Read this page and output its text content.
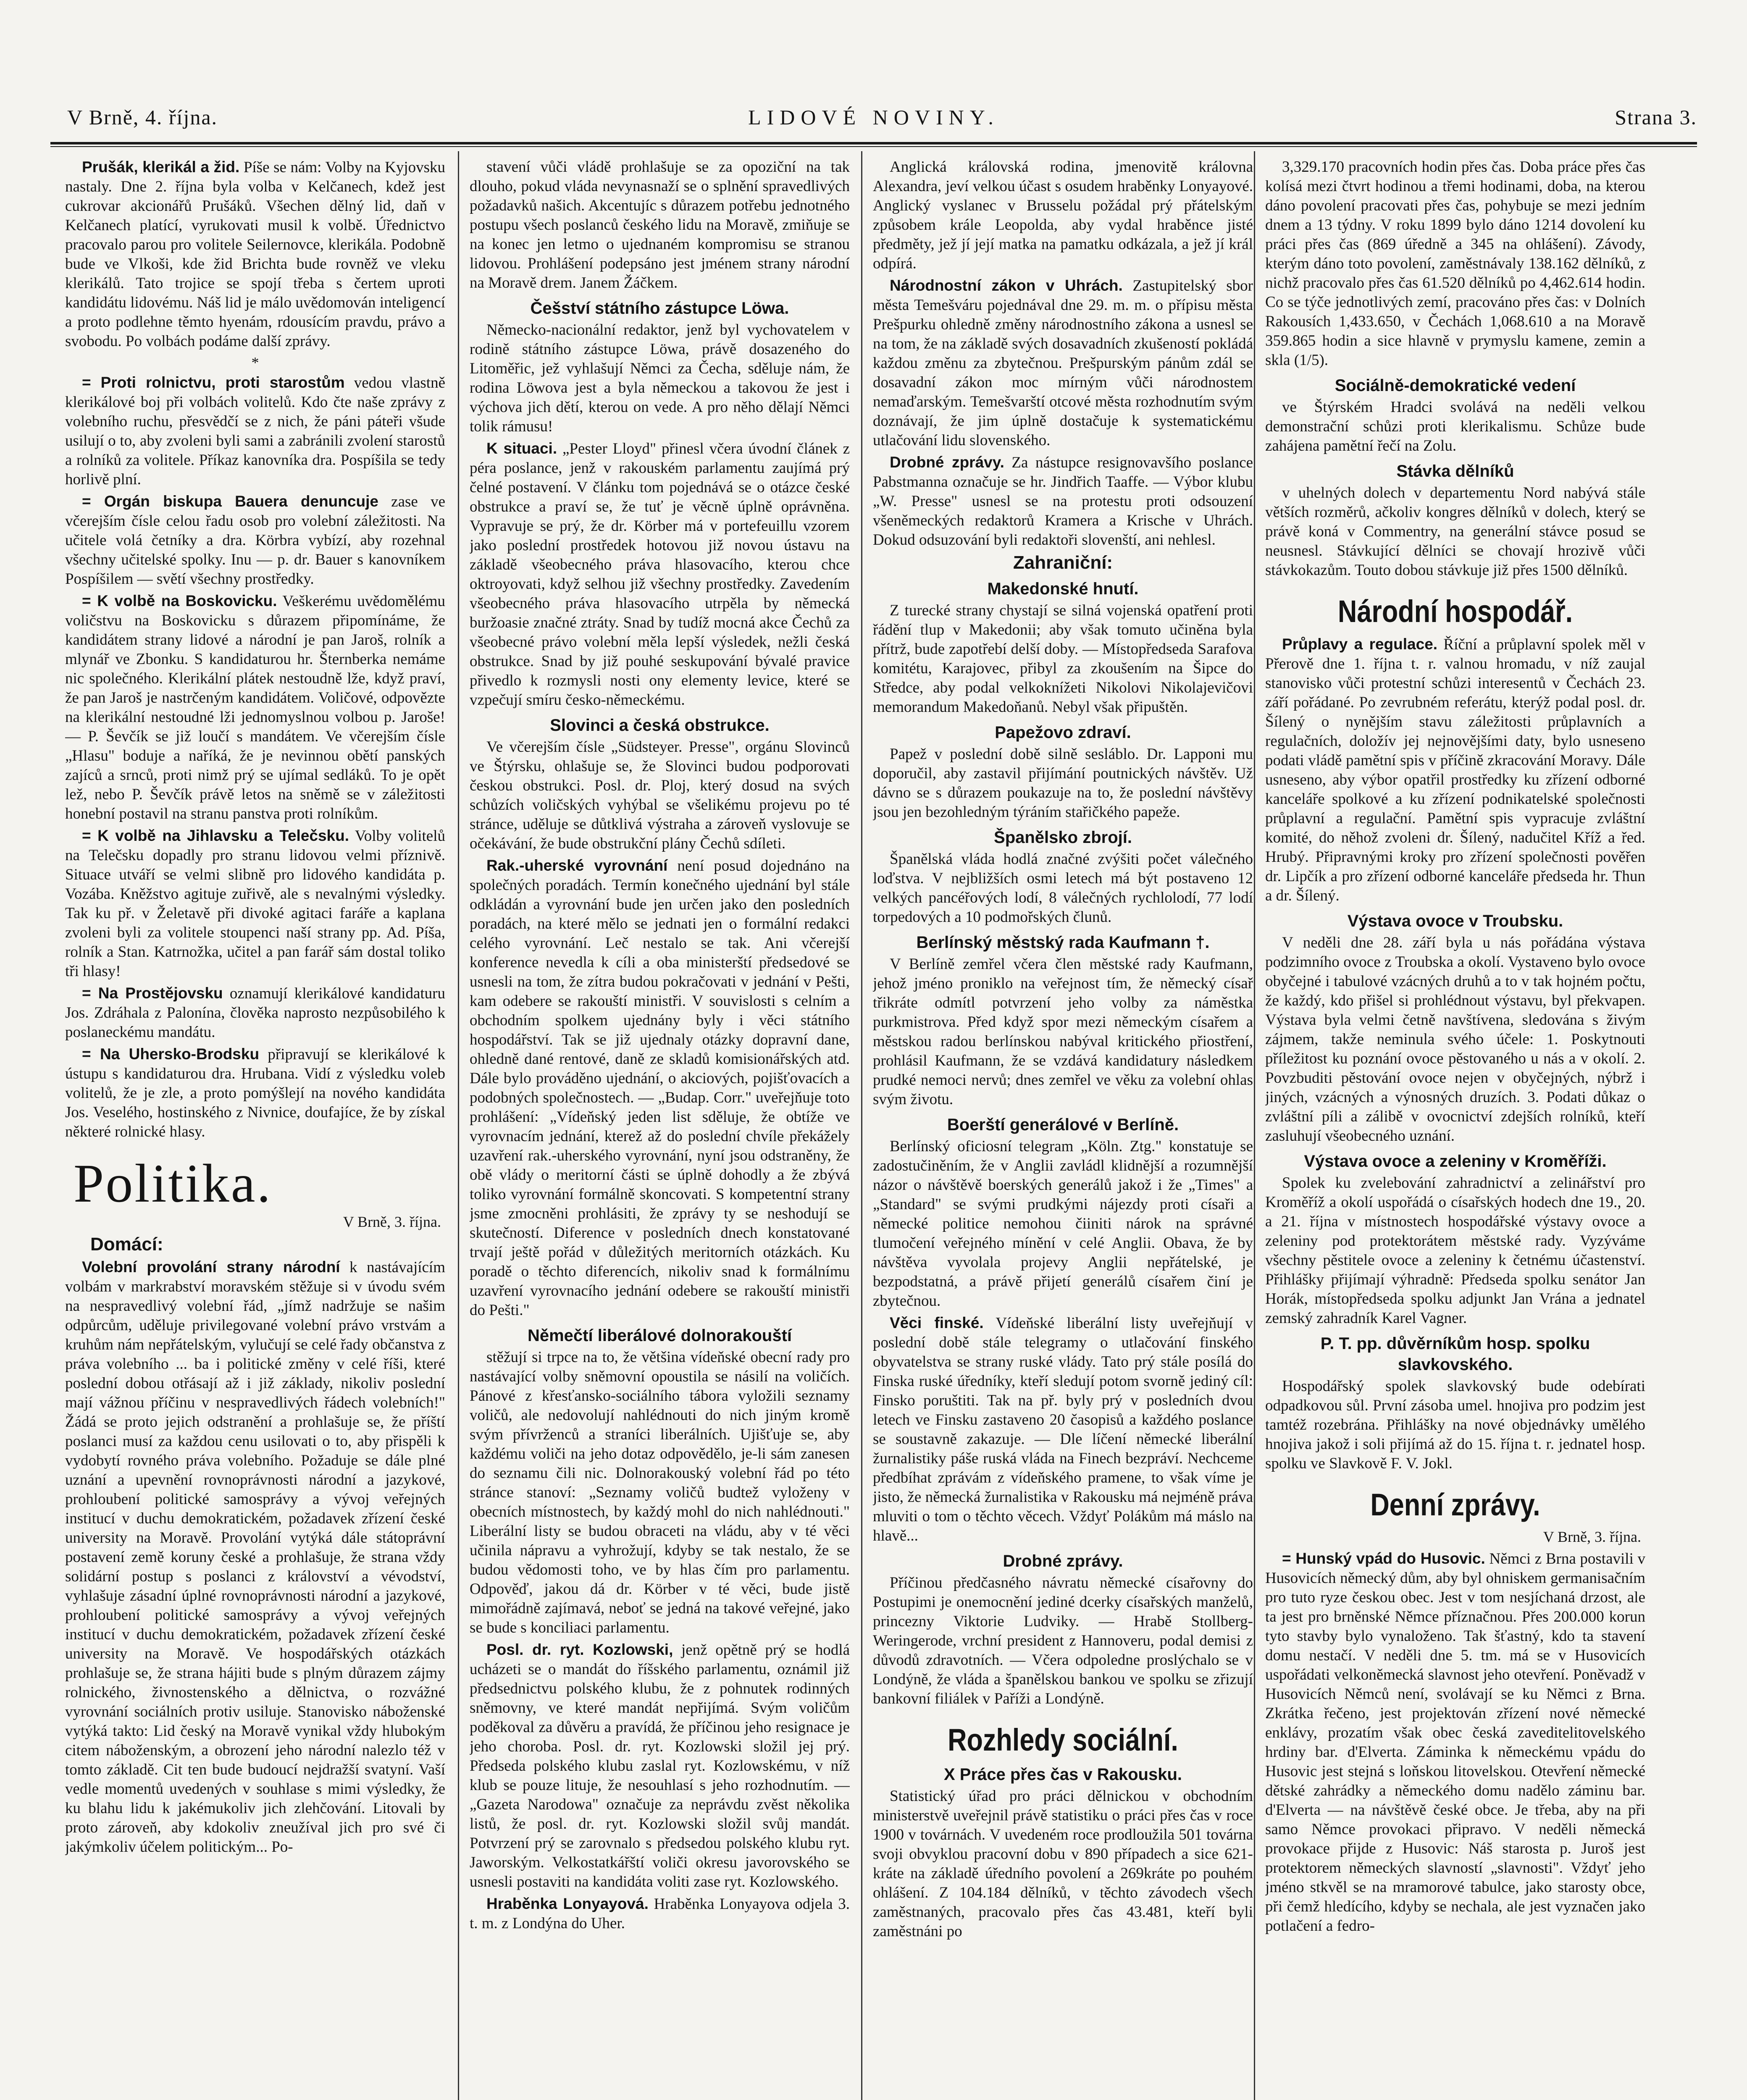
V Brně, 4. října.	LIDOVÉ NOVINY.	Strana 3.

Prušák, klerikál a žid. Píše se nám: Volby na Kyjovsku nastaly. Dne 2. října byla volba v Kelčanech, kdež jest cukrovar akcionářů Prušáků. Všechen dělný lid, daň v Kelčanech platící, vyrukovati musil k volbě. Úřednictvo pracovalo parou pro volitele Seilernovce, klerikála. Podobně bude ve Vlkoši, kde žid Brichta bude rovněž ve vleku klerikálů. Tato trojice se spojí třeba s čertem uproti kandidátu lidovému. Náš lid je málo uvědomován inteligencí a proto podlehne těmto hyenám, rdousícím pravdu, právo a svobodu. Po volbách podáme další zprávy.

*

= Proti rolnictvu, proti starostům vedou vlastně klerikálové boj při volbách volitelů. Kdo čte naše zprávy z volebního ruchu, přesvědčí se z nich, že páni páteři všude usilují o to, aby zvoleni byli sami a zabránili zvolení starostů a rolníků za volitele. Příkaz kanovníka dra. Pospíšila se tedy horlivě plní.

= Orgán biskupa Bauera denuncuje zase ve včerejším čísle celou řadu osob pro volební záležitosti. Na učitele volá četníky a dra. Körbra vybízí, aby rozehnal všechny učitelské spolky. Inu — p. dr. Bauer s kanovníkem Pospíšilem — světí všechny prostředky.

= K volbě na Boskovicku. Veškerému uvědomělému voličstvu na Boskovicku s důrazem připomínáme, že kandidátem strany lidové a národní je pan Jaroš, rolník a mlynář ve Zbonku. S kandidaturou hr. Šternberka nemáme nic společného. Klerikální plátek nestoudně lže, když praví, že pan Jaroš je nastrčeným kandidátem. Voličové, odpovězte na klerikální nestoudné lži jednomyslnou volbou p. Jaroše! — P. Ševčík se již loučí s mandátem. Ve včerejším čísle „Hlasu" boduje a naříká, že je nevinnou obětí panských zajíců a srnců, proti nimž prý se ujímal sedláků. To je opět lež, nebo P. Ševčík právě letos na sněmě se v záležitosti honební postavil na stranu panstva proti rolníkům.

= K volbě na Jihlavsku a Telečsku. Volby volitelů na Telečsku dopadly pro stranu lidovou velmi příznivě. Situace utváří se velmi slibně pro lidového kandidáta p. Vozába. Kněžstvo agituje zuřivě, ale s nevalnými výsledky. Tak ku př. v Želetavě při divoké agitaci faráře a kaplana zvoleni byli za volitele stoupenci naší strany pp. Ad. Píša, rolník a Stan. Katrnožka, učitel a pan farář sám dostal toliko tři hlasy!

= Na Prostějovsku oznamují klerikálové kandidaturu Jos. Zdráhala z Palonína, člověka naprosto nezpůsobilého k poslaneckému mandátu.

= Na Uhersko-Brodsku připravují se klerikálové k ústupu s kandidaturou dra. Hrubana. Vidí z výsledku voleb volitelů, že je zle, a proto pomýšlejí na nového kandidáta Jos. Veselého, hostinského z Nivnice, doufajíce, že by získal některé rolnické hlasy.

Politika.
V Brně, 3. října.
Domácí:

Volební provolání strany národní k nastávajícím volbám v markrabství moravském stěžuje si v úvodu svém na nespravedlivý volební řád, „jímž nadržuje se našim odpůrcům, uděluje privilegované volební právo vrstvám a kruhům nám nepřátelským, vylučují se celé řady občanstva z práva volebního ... ba i politické změny v celé říši, které poslední dobou otřásají až i již základy, nikoliv poslední mají vážnou příčinu v nespravedlivých řádech volebních!" Žádá se proto jejich odstranění a prohlašuje se, že příští poslanci musí za každou cenu usilovati o to, aby přispěli k vydobytí rovného práva volebního. Požaduje se dále plné uznání a upevnění rovnoprávnosti národní a jazykové, prohloubení politické samosprávy a vývoj veřejných institucí v duchu demokratickém, požadavek zřízení české university na Moravě. Provolání vytýká dále státoprávní postavení země koruny české a prohlašuje, že strana vždy solidární postup s poslanci z království a vévodství, vyhlašuje zásadní úplné rovnoprávnosti národní a jazykové, prohloubení politické samosprávy a vývoj veřejných institucí v duchu demokratickém, požadavek zřízení české university na Moravě. Ve hospodářských otázkách prohlašuje se, že strana hájiti bude s plným důrazem zájmy rolnického, živnostenského a dělnictva, o rozvážné vyrovnání sociálních protiv usiluje. Stanovisko náboženské vytýká takto: Lid český na Moravě vynikal vždy hlubokým citem náboženským, a obrození jeho národní nalezlo též v tomto základě. Cit ten bude budoucí nejdražší svatyní. Vaší vedle momentů uvedených v souhlase s mimi výsledky, že ku blahu lidu k jakémukoliv jich zlehčování. Litovali by proto zároveň, aby kdokoliv zneužíval jich pro své či jakýmkoliv účelem politickým... Po-

stavení vůči vládě prohlašuje se za opoziční na tak dlouho, pokud vláda nevynasnaží se o splnění spravedlivých požadavků našich. Akcentujíc s důrazem potřebu jednotného postupu všech poslanců českého lidu na Moravě, zmiňuje se na konec jen letmo o ujednaném kompromisu se stranou lidovou. Prohlášení podepsáno jest jménem strany národní na Moravě drem. Janem Žáčkem.

Češství státního zástupce Löwa.

Německo-nacionální redaktor, jenž byl vychovatelem v rodině státního zástupce Löwa, právě dosazeného do Litoměřic, jež vyhlašují Němci za Čecha, sděluje nám, že rodina Löwova jest a byla německou a takovou že jest i výchova jich dětí, kterou on vede. A pro něho dělají Němci tolik rámusu!

K situaci. „Pester Lloyd" přinesl včera úvodní článek z péra poslance, jenž v rakouském parlamentu zaujímá prý čelné postavení. V článku tom pojednává se o otázce české obstrukce a praví se, že tuť je věcně úplně oprávněna. Vypravuje se prý, že dr. Körber má v portefeuillu vzorem jako poslední prostředek hotovou již novou ústavu na základě všeobecného práva hlasovacího, kterou chce oktroyovati, když selhou již všechny prostředky. Zavedením všeobecného práva hlasovacího utrpěla by německá buržoasie značné ztráty. Snad by tudíž mocná akce Čechů za všeobecné právo volební měla lepší výsledek, nežli česká obstrukce. Snad by již pouhé seskupování bývalé pravice přivedlo k rozmysli nosti ony elementy levice, které se vzpečují smíru česko-německému.

Slovinci a česká obstrukce.

Ve včerejším čísle „Südsteyer. Presse", orgánu Slovinců ve Štýrsku, ohlašuje se, že Slovinci budou podporovati českou obstrukci. Posl. dr. Ploj, který dosud na svých schůzích voličských vyhýbal se všelikému projevu po té stránce, uděluje se důtklivá výstraha a zároveň vyslovuje se očekávání, že bude obstrukční plány Čechů sdíleti.

Rak.-uherské vyrovnání není posud dojednáno na společných poradách. Termín konečného ujednání byl stále odkládán a vyrovnání bude jen určen jako den posledních poradách, na které mělo se jednati jen o formální redakci celého vyrovnání. Leč nestalo se tak. Ani včerejší konference nevedla k cíli a oba ministerští předsedové se usnesli na tom, že zítra budou pokračovati v jednání v Pešti, kam odebere se rakouští ministři. V souvislosti s celním a obchodním spolkem ujednány byly i věci státního hospodářství. Tak se již ujednaly otázky dopravní dane, ohledně dané rentové, daně ze skladů komisionářských atd. Dále bylo prováděno ujednání, o akciových, pojišťovacích a podobných společnostech. — „Budap. Corr." uveřejňuje toto prohlášení: „Vídeňský jeden list sděluje, že obtíže ve vyrovnacím jednání, kterež až do poslední chvíle překážely uzavření rak.-uherského vyrovnání, nyní jsou odstraněny, že obě vlády o meritorní části se úplně dohodly a že zbývá toliko vyrovnání formálně skoncovati. S kompetentní strany jsme zmocněni prohlásiti, že zprávy ty se neshodují se skutečností. Diference v posledních dnech konstatované trvají ještě pořád v důležitých meritorních otázkách. Ku poradě o těchto diferencích, nikoliv snad k formálnímu uzavření vyrovnacího jednání odebere se rakouští ministři do Pešti."

Němečtí liberálové dolnorakouští

stěžují si trpce na to, že většina vídeňské obecní rady pro nastávající volby sněmovní opoustila se násilí na voličích. Pánové z křesťansko-sociálního tábora vyložili seznamy voličů, ale nedovolují nahlédnouti do nich jiným kromě svým přívrženců a straníci liberálních. Ujišťuje se, aby každému voliči na jeho dotaz odpovědělo, je-li sám zanesen do seznamu čili nic. Dolnorakouský volební řád po této stránce stanoví: „Seznamy voličů budtež vyloženy v obecních místnostech, by každý mohl do nich nahlédnouti." Liberální listy se budou obraceti na vládu, aby v té věci učinila nápravu a vyhrožují, kdyby se tak nestalo, že se budou vědomosti toho, ve by hlas čím pro parlamentu. Odpověď, jakou dá dr. Körber v té věci, bude jistě mimořádně zajímavá, neboť se jedná na takové veřejné, jako se bude s konciliaci parlamentu.

Posl. dr. ryt. Kozlowski, jenž opětně prý se hodlá ucházeti se o mandát do říšského parlamentu, oznámil již předsednictvu polského klubu, že z pohnutek rodinných sněmovny, ve které mandát nepřijímá. Svým voličům poděkoval za důvěru a pravídá, že příčinou jeho resignace je jeho choroba. Posl. dr. ryt. Kozlowski složil jej prý. Předseda polského klubu zaslal ryt. Kozlowskému, v níž klub se pouze lituje, že nesouhlasí s jeho rozhodnutím. — „Gazeta Narodowa" označuje za neprávdu zvěst několika listů, že posl. dr. ryt. Kozlowski složil svůj mandát. Potvrzení prý se zarovnalo s předsedou polského klubu ryt. Jaworským. Velkostatkářští voliči okresu javorovského se usnesli postaviti na kandidáta voliti zase ryt. Kozlowského.

Hraběnka Lonyayová. Hraběnka Lonyayova odjela 3. t. m. z Londýna do Uher.

Anglická královská rodina, jmenovitě královna Alexandra, jeví velkou účast s osudem hraběnky Lonyayové. Anglický vyslanec v Brusselu požádal prý přátelským způsobem krále Leopolda, aby vydal hraběnce jisté předměty, jež jí její matka na pamatku odkázala, a jež jí král odpírá.

Národnostní zákon v Uhrách. Zastupitelský sbor města Temešváru pojednával dne 29. m. m. o přípisu města Prešpurku ohledně změny národnostního zákona a usnesl se na tom, že na základě svých dosavadních zkušeností pokládá každou změnu za zbytečnou. Prešpurským pánům zdál se dosavadní zákon moc mírným vůči národnostem nemaďarským. Temešvarští otcové města rozhodnutím svým doznávají, že jim úplně dostačuje k systematickému utlačování lidu slovenského.

Drobné zprávy. Za nástupce resignovavšího poslance Pabstmanna označuje se hr. Jindřich Taaffe. — Výbor klubu „W. Presse" usnesl se na protestu proti odsouzení všeněmeckých redaktorů Kramera a Krische v Uhrách. Dokud odsuzování byli redaktoři slovenští, ani nehlesl.

Zahraniční:
Makedonské hnutí.

Z turecké strany chystají se silná vojenská opatření proti řádění tlup v Makedonii; aby však tomuto učiněna byla přítrž, bude zapotřebí delší doby. — Místopředseda Sarafova komitétu, Karajovec, přibyl za zkoušením na Šipce do Středce, aby podal velkoknížeti Nikolovi Nikolajevičovi memorandum Makedoňanů. Nebyl však připuštěn.

Papežovo zdraví.

Papež v poslední době silně sesláblo. Dr. Lapponi mu doporučil, aby zastavil přijímání poutnických návštěv. Už dávno se s důrazem poukazuje na to, že poslední návštěvy jsou jen bezohledným týráním stařičkého papeže.

Španělsko zbrojí.

Španělská vláda hodlá značné zvýšiti počet válečného loďstva. V nejbližších osmi letech má být postaveno 12 velkých pancéřových lodí, 8 válečných rychlolodí, 77 lodí torpedových a 10 podmořských člunů.

Berlínský městský rada Kaufmann †.

V Berlíně zemřel včera člen městské rady Kaufmann, jehož jméno proniklo na veřejnost tím, že německý císař třikráte odmítl potvrzení jeho volby za náměstka purkmistrova. Před když spor mezi německým císařem a městskou radou berlínskou nabýval kritického přiostření, prohlásil Kaufmann, že se vzdává kandidatury následkem prudké nemoci nervů; dnes zemřel ve věku za volební ohlas svým životu.

Boerští generálové v Berlíně.

Berlínský oficiosní telegram „Köln. Ztg." konstatuje se zadostučiněním, že v Anglii zavládl klidnější a rozumnější názor o návštěvě boerských generálů jakož i že „Times" a „Standard" se svými prudkými nájezdy proti císaři a německé politice nemohou čiiniti nárok na správné tlumočení veřejného mínění v celé Anglii. Obava, že by návštěva vyvolala projevy Anglii nepřátelské, je bezpodstatná, a právě přijetí generálů císařem činí je zbytečnou.

Věci finské. Vídeňské liberální listy uveřejňují v poslední době stále telegramy o utlačování finského obyvatelstva se strany ruské vlády. Tato prý stále posílá do Finska ruské úředníky, kteří sledují potom svorně jediný cíl: Finsko poruštiti. Tak na př. byly prý v posledních dvou letech ve Finsku zastaveno 20 časopisů a každého poslance se soustavně zakazuje. — Dle líčení německé liberální žurnalistiky páše ruská vláda na Finech bezpráví. Nechceme předbíhat zprávám z vídeňského pramene, to však víme je jisto, že německá žurnalistika v Rakousku má nejméně práva mluviti o tom o těchto věcech. Vždyť Polákům má máslo na hlavě...

Drobné zprávy.

Příčinou předčasného návratu německé císařovny do Postupimi je onemocnění jediné dcerky císařských manželů, princezny Viktorie Ludviky. — Hrabě Stollberg-Weringerode, vrchní president z Hannoveru, podal demisi z důvodů zdravotních. — Včera odpoledne proslýchalo se v Londýně, že vláda a španělskou bankou ve spolku se zřizují bankovní filiálek v Paříži a Londýně.

Rozhledy sociální.
X Práce přes čas v Rakousku.

Statistický úřad pro práci dělnickou v obchodním ministerstvě uveřejnil právě statistiku o práci přes čas v roce 1900 v továrnách. V uvedeném roce prodloužila 501 továrna svoji obvyklou pracovní dobu v 890 případech a sice 621-kráte na základě úředního povolení a 269kráte po pouhém ohlášení. Z 104.184 dělníků, v těchto závodech všech zaměstnaných, pracovalo přes čas 43.481, kteří byli zaměstnáni po

3,329.170 pracovních hodin přes čas. Doba práce přes čas kolísá mezi čtvrt hodinou a třemi hodinami, doba, na kterou dáno povolení pracovati přes čas, pohybuje se mezi jedním dnem a 13 týdny. V roku 1899 bylo dáno 1214 dovolení ku práci přes čas (869 úředně a 345 na ohlášení). Závody, kterým dáno toto povolení, zaměstnávaly 138.162 dělníků, z nichž pracovalo přes čas 61.520 dělníků po 4,462.614 hodin. Co se týče jednotlivých zemí, pracováno přes čas: v Dolních Rakousích 1,433.650, v Čechách 1,068.610 a na Moravě 359.865 hodin a sice hlavně v prymyslu kamene, zemin a skla (1/5).

Sociálně-demokratické vedení

ve Štýrském Hradci svolává na neděli velkou demonstrační schůzi proti klerikalismu. Schůze bude zahájena pamětní řečí na Zolu.

Stávka dělníků

v uhelných dolech v departementu Nord nabývá stále větších rozměrů, ačkoliv kongres dělníků v dolech, který se právě koná v Commentry, na generální stávce posud se neusnesl. Stávkující dělníci se chovají hrozivě vůči stávkokazům. Touto dobou stávkuje již přes 1500 dělníků.

Národní hospodář.

Průplavy a regulace. Říční a průplavní spolek měl v Přerově dne 1. října t. r. valnou hromadu, v níž zaujal stanovisko vůči protestní schůzi interesentů v Čechách 23. září pořádané. Po zevrubném referátu, kterýž podal posl. dr. Šílený o nynějším stavu záležitosti průplavních a regulačních, doložív jej nejnovějšími daty, bylo usneseno podati vládě pamětní spis v příčině zkracování Moravy. Dále usneseno, aby výbor opatřil prostředky ku zřízení odborné kanceláře spolkové a ku zřízení podnikatelské společnosti průplavní a regulační. Pamětní spis vypracuje zvláštní komité, do něhož zvoleni dr. Šílený, nadučitel Kříž a řed. Hrubý. Připravnými kroky pro zřízení společnosti pověřen dr. Lipčík a pro zřízení odborné kanceláře předseda hr. Thun a dr. Šílený.

Výstava ovoce v Troubsku.

V neděli dne 28. září byla u nás pořádána výstava podzimního ovoce z Troubska a okolí. Vystaveno bylo ovoce obyčejné i tabulové vzácných druhů a to v tak hojném počtu, že každý, kdo přišel si prohlédnout výstavu, byl překvapen. Výstava byla velmi četně navštívena, sledována s živým zájmem, takže neminula svého účele: 1. Poskytnouti příležitost ku poznání ovoce pěstovaného u nás a v okolí. 2. Povzbuditi pěstování ovoce nejen v obyčejných, nýbrž i jiných, vzácných a výnosných druzích. 3. Podati důkaz o zvláštní píli a zálibě v ovocnictví zdejších rolníků, kteří zasluhují všeobecného uznání.

Výstava ovoce a zeleniny v Kroměříži.

Spolek ku zvelebování zahradnictví a zelinářství pro Kroměříž a okolí uspořádá o císařských hodech dne 19., 20. a 21. října v místnostech hospodářské výstavy ovoce a zeleniny pod protektorátem městské rady. Vyzýváme všechny pěstitele ovoce a zeleniny k četnému účastenství. Přihlášky přijímají výhradně: Předseda spolku senátor Jan Horák, místopředseda spolku adjunkt Jan Vrána a jednatel zemský zahradník Karel Vagner.

P. T. pp. důvěrníkům hosp. spolku slavkovského.

Hospodářský spolek slavkovský bude odebírati odpadkovou sůl. První zásoba umel. hnojiva pro podzim jest tamtéž rozebrána. Přihlášky na nové objednávky umělého hnojiva jakož i soli přijímá až do 15. října t. r. jednatel hosp. spolku ve Slavkově F. V. Jokl.

Denní zprávy.
V Brně, 3. října.

= Hunský vpád do Husovic. Němci z Brna postavili v Husovicích německý dům, aby byl ohniskem germanisačním pro tuto ryze českou obec. Jest v tom nesjíchaná drzost, ale ta jest pro brněnské Němce příznačnou. Přes 200.000 korun tyto stavby bylo vynaloženo. Tak šťastný, kdo ta stavení domu nestačí. V neděli dne 5. tm. má se v Husovicích uspořádati velkoněmecká slavnost jeho otevření. Poněvadž v Husovicích Němců není, svolávají se ku Němci z Brna. Zkrátka řečeno, jest projektován zřízení nové německé enklávy, prozatím však obec česká zaveditelitovelského hrdiny bar. d'Elverta. Záminka k německému vpádu do Husovic jest stejná s loňskou litovelskou. Otevření německé dětské zahrádky a německého domu nadělo záminu bar. d'Elverta — na návštěvě české obce. Je třeba, aby na při samo Němce provokaci připravo. V neděli německá provokace přijde z Husovic: Náš starosta p. Juroš jest protektorem německých slavností „slavnosti". Vždyť jeho jméno stkvěl se na mramorové tabulce, jako starosty obce, při čemž hledícího, kdyby se nechala, ale jest vyznačen jako potlačení a fedro-
